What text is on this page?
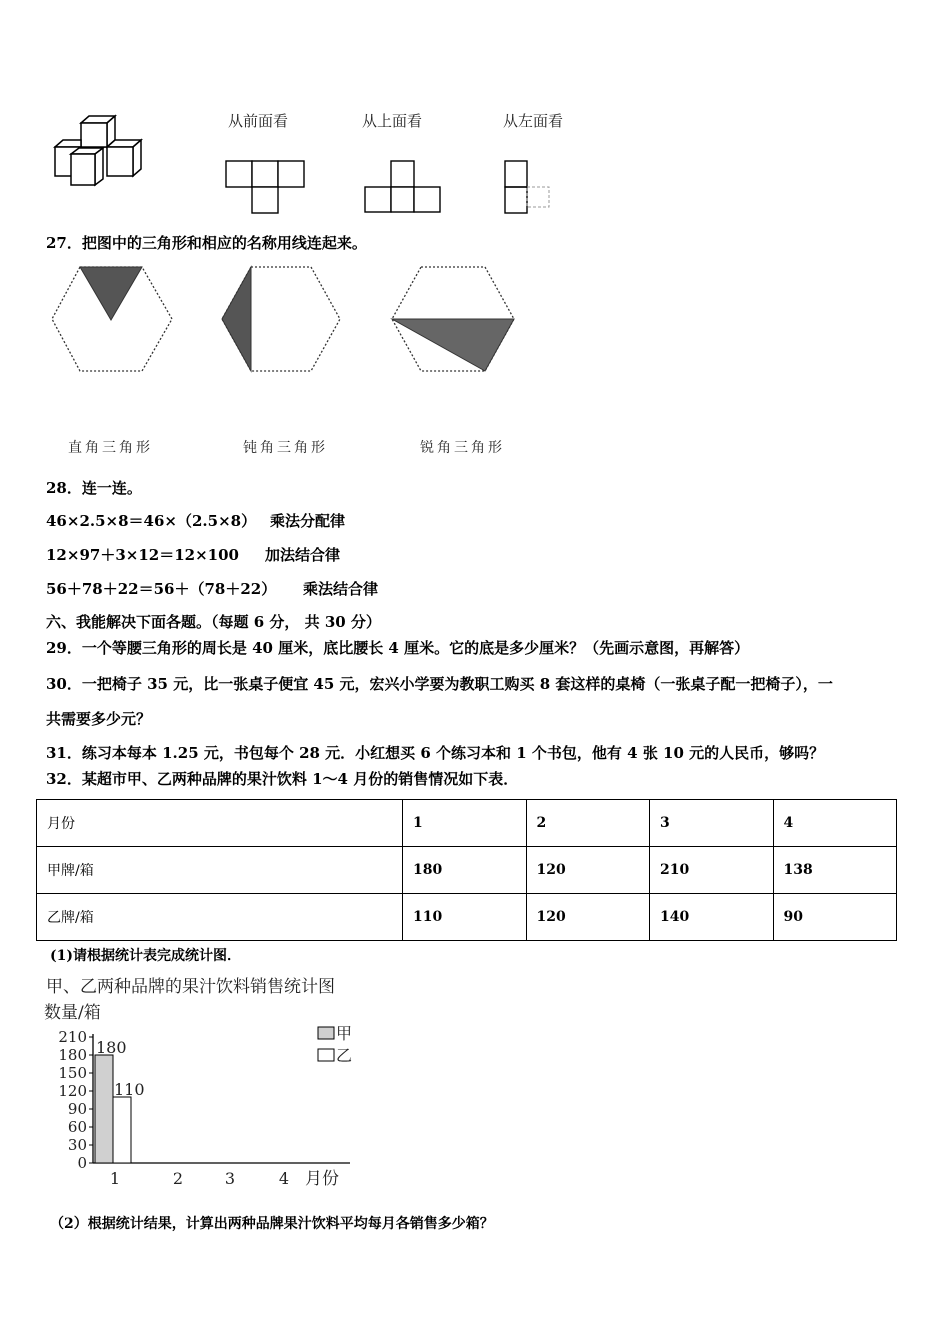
从前面看	从上面看	从左面看
27．把图中的三角形和相应的名称用线连起来。
直角三角形	钝角三角形	锐角三角形
28．连一连。
46×2.5×8＝46×（2.5×8） 乘法分配律
12×97＋3×12＝12×100 加法结合律
56＋78＋22＝56＋（78＋22） 乘法结合律
六、我能解决下面各题。（每题 6 分， 共 30 分）
29．一个等腰三角形的周长是 40 厘米，底比腰长 4 厘米。它的底是多少厘米？（先画示意图，再解答）
30．一把椅子 35 元，比一张桌子便宜 45 元，宏兴小学要为教职工购买 8 套这样的桌椅（一张桌子配一把椅子），一
共需要多少元？
31．练习本每本 1.25 元，书包每个 28 元．小红想买 6 个练习本和 1 个书包，他有 4 张 10 元的人民币，够吗？
32．某超市甲、乙两种品牌的果汁饮料 1～4 月份的销售情况如下表．
月份	1	2	3	4
甲牌/箱	180	120	210	138
乙牌/箱	110	120	140	90
(1)请根据统计表完成统计图．
甲、乙两种品牌的果汁饮料销售统计图
数量/箱
月份
甲
乙
0
30
60
90
120
150
180
210
1	2	3	4
180
110
（2）根据统计结果，计算出两种品牌果汁饮料平均每月各销售多少箱？
